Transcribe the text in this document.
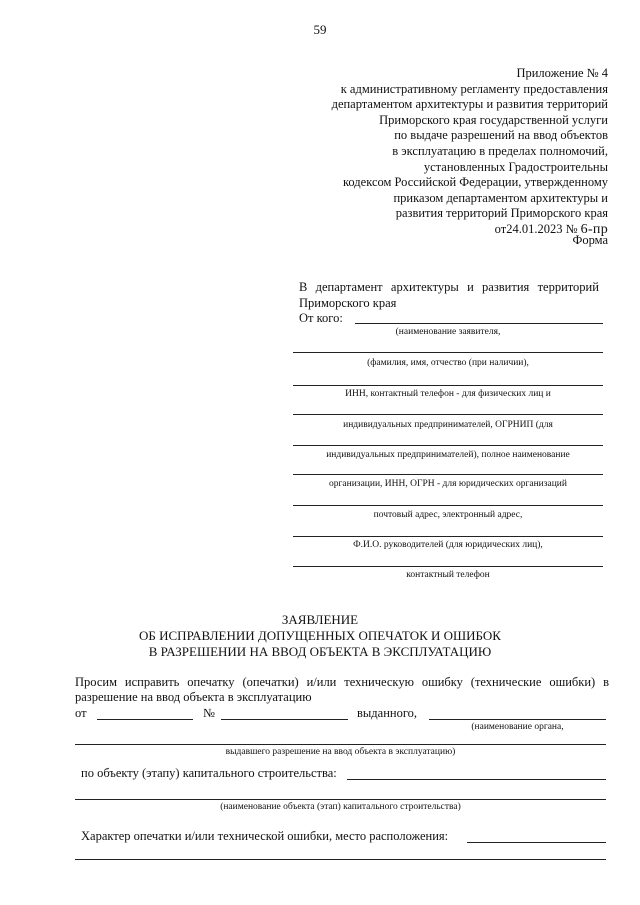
59
Приложение № 4
к административному регламенту предоставления
департаментом архитектуры и развития территорий
Приморского края государственной услуги
по выдаче разрешений на ввод объектов
в эксплуатацию в пределах полномочий,
установленных Градостроительны
кодексом Российской Федерации, утвержденному
приказом департаментом архитектуры и
развития территорий Приморского края
от24.01.2023 № 6-пр
Форма
В департамент архитектуры и развития территорий
Приморского края
От кого:
(наименование заявителя,
(фамилия, имя, отчество (при наличии),
ИНН, контактный телефон - для физических лиц и
индивидуальных предпринимателей, ОГРНИП (для
индивидуальных предпринимателей), полное наименование
организации, ИНН, ОГРН - для юридических организаций
почтовый адрес, электронный адрес,
Ф.И.О. руководителей (для юридических лиц),
контактный телефон
ЗАЯВЛЕНИЕ
ОБ ИСПРАВЛЕНИИ ДОПУЩЕННЫХ ОПЕЧАТОК И ОШИБОК
В РАЗРЕШЕНИИ НА ВВОД ОБЪЕКТА В ЭКСПЛУАТАЦИЮ
Просим исправить опечатку (опечатки) и/или техническую ошибку (технические ошибки) в
разрешение на ввод объекта в эксплуатацию
от	№	выданного,
(наименование органа,
выдавшего разрешение на ввод объекта в эксплуатацию)
по объекту (этапу) капитального строительства:
(наименование объекта (этап) капитального строительства)
Характер опечатки и/или технической ошибки, место расположения:
